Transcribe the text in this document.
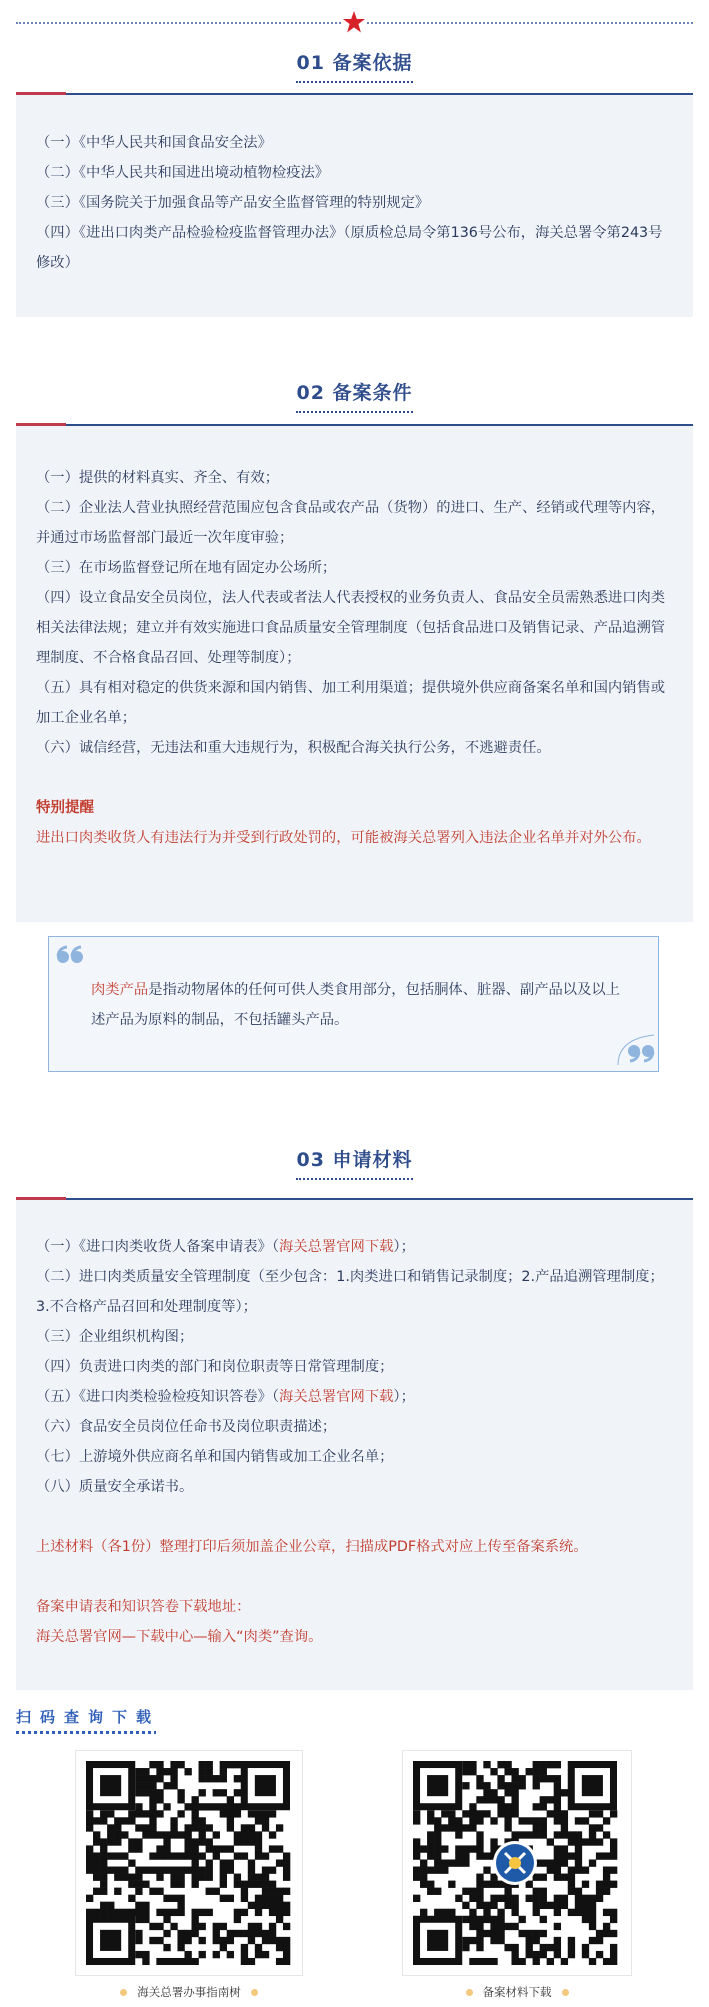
01 备案依据

（一）《中华人民共和国食品安全法》

（二）《中华人民共和国进出境动植物检疫法》

（三）《国务院关于加强食品等产品安全监督管理的特别规定》

（四）《进出口肉类产品检验检疫监督管理办法》（原质检总局令第136号公布，海关总署令第243号修改）

02 备案条件

（一）提供的材料真实、齐全、有效；

（二）企业法人营业执照经营范围应包含食品或农产品（货物）的进口、生产、经销或代理等内容，并通过市场监督部门最近一次年度审验；

（三）在市场监督登记所在地有固定办公场所；

（四）设立食品安全员岗位，法人代表或者法人代表授权的业务负责人、食品安全员需熟悉进口肉类相关法律法规；建立并有效实施进口食品质量安全管理制度（包括食品进口及销售记录、产品追溯管理制度、不合格食品召回、处理等制度）；

（五）具有相对稳定的供货来源和国内销售、加工利用渠道；提供境外供应商备案名单和国内销售或加工企业名单；

（六）诚信经营，无违法和重大违规行为，积极配合海关执行公务，不逃避责任。

特别提醒

进出口肉类收货人有违法行为并受到行政处罚的，可能被海关总署列入违法企业名单并对外公布。

肉类产品是指动物屠体的任何可供人类食用部分，包括胴体、脏器、副产品以及以上述产品为原料的制品，不包括罐头产品。
03 申请材料

（一）《进口肉类收货人备案申请表》（海关总署官网下载）；

（二）进口肉类质量安全管理制度（至少包含：1.肉类进口和销售记录制度；2.产品追溯管理制度；3.不合格产品召回和处理制度等）；

（三）企业组织机构图；

（四）负责进口肉类的部门和岗位职责等日常管理制度；

（五）《进口肉类检验检疫知识答卷》（海关总署官网下载）；

（六）食品安全员岗位任命书及岗位职责描述；

（七）上游境外供应商名单和国内销售或加工企业名单；

（八）质量安全承诺书。

上述材料（各1份）整理打印后须加盖企业公章，扫描成PDF格式对应上传至备案系统。

备案申请表和知识答卷下载地址：

海关总署官网—下载中心—输入“肉类”查询。

扫码查询下载
海关总署办事指南树	备案材料下载
